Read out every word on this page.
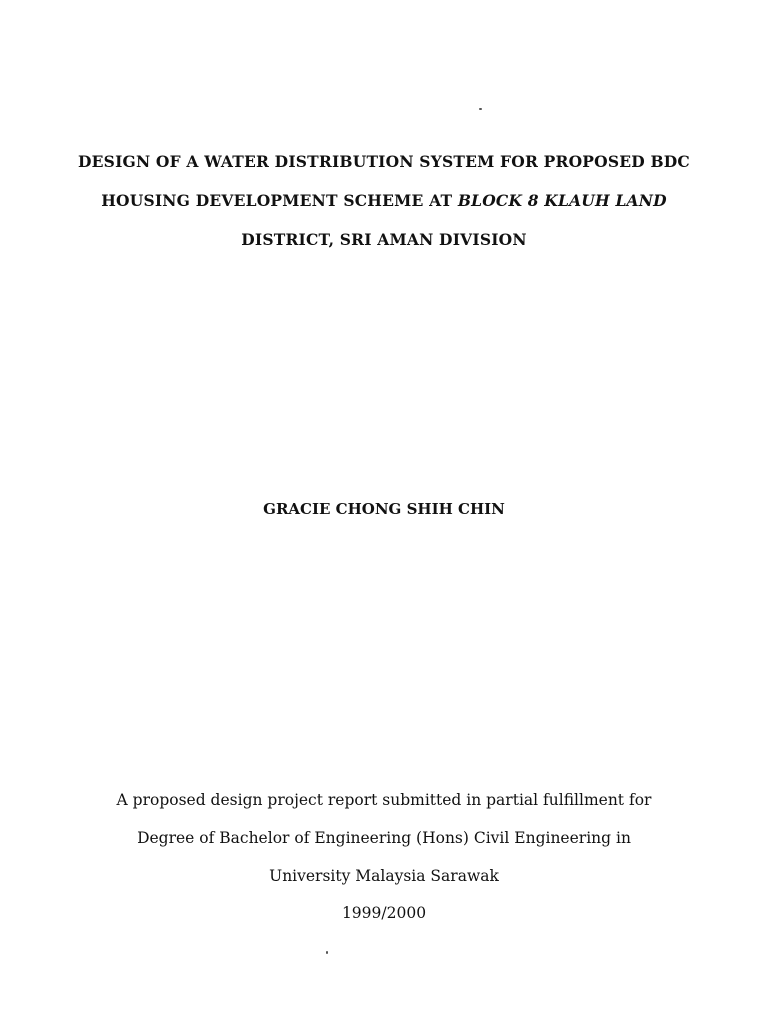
DESIGN OF A WATER DISTRIBUTION SYSTEM FOR PROPOSED BDC
HOUSING DEVELOPMENT SCHEME AT BLOCK 8 KLAUH LAND
DISTRICT, SRI AMAN DIVISION
GRACIE CHONG SHIH CHIN
A proposed design project report submitted in partial fulfillment for
Degree of Bachelor of Engineering (Hons) Civil Engineering in
University Malaysia Sarawak
1999/2000
